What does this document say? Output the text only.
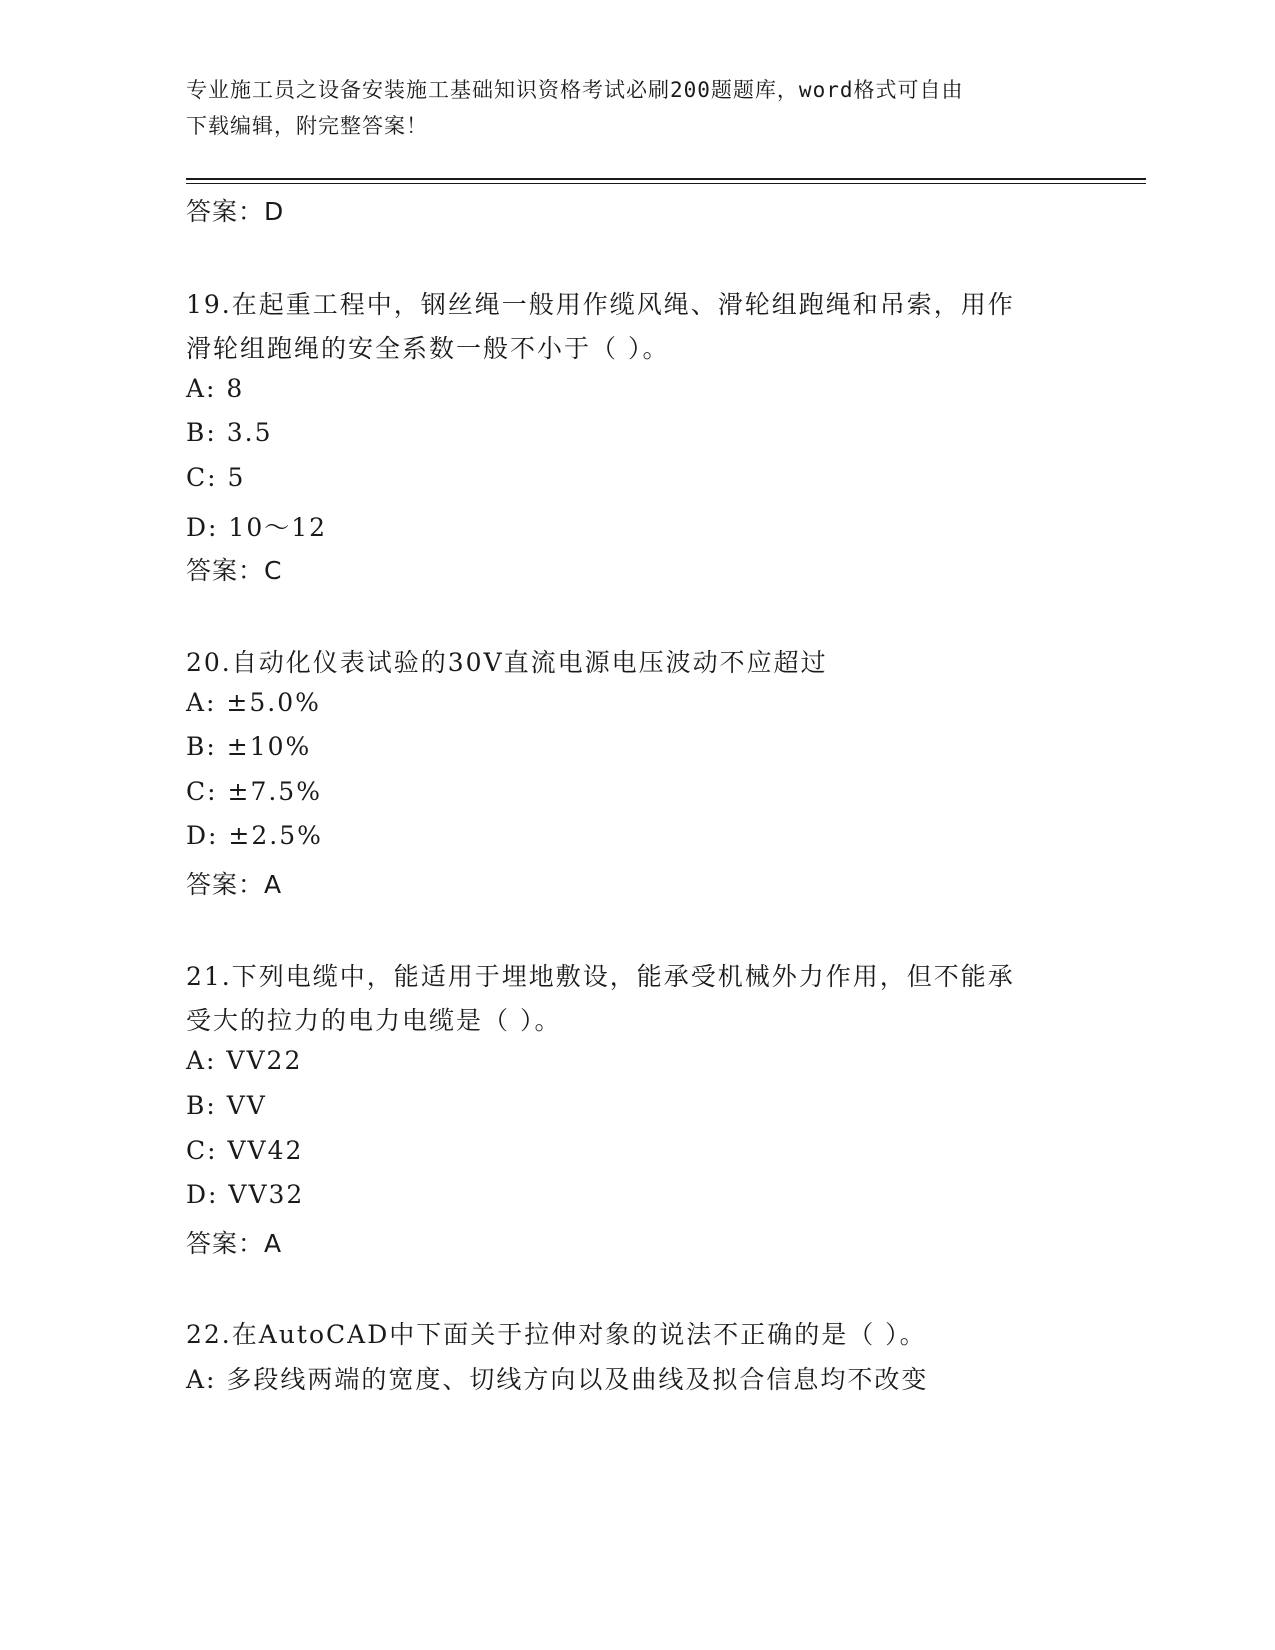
专业施工员之设备安装施工基础知识资格考试必刷200题题库，word格式可自由
下载编辑，附完整答案！
答案：D
19.在起重工程中，钢丝绳一般用作缆风绳、滑轮组跑绳和吊索，用作
滑轮组跑绳的安全系数一般不小于（ ）。
A: 8
B: 3.5
C: 5
D: 10～12
答案：C
20.自动化仪表试验的30V直流电源电压波动不应超过
A: ±5.0%
B: ±10%
C: ±7.5%
D: ±2.5%
答案：A
21.下列电缆中，能适用于埋地敷设，能承受机械外力作用，但不能承
受大的拉力的电力电缆是（ ）。
A: VV22
B: VV
C: VV42
D: VV32
答案：A
22.在AutoCAD中下面关于拉伸对象的说法不正确的是（ ）。
A: 多段线两端的宽度、切线方向以及曲线及拟合信息均不改变
